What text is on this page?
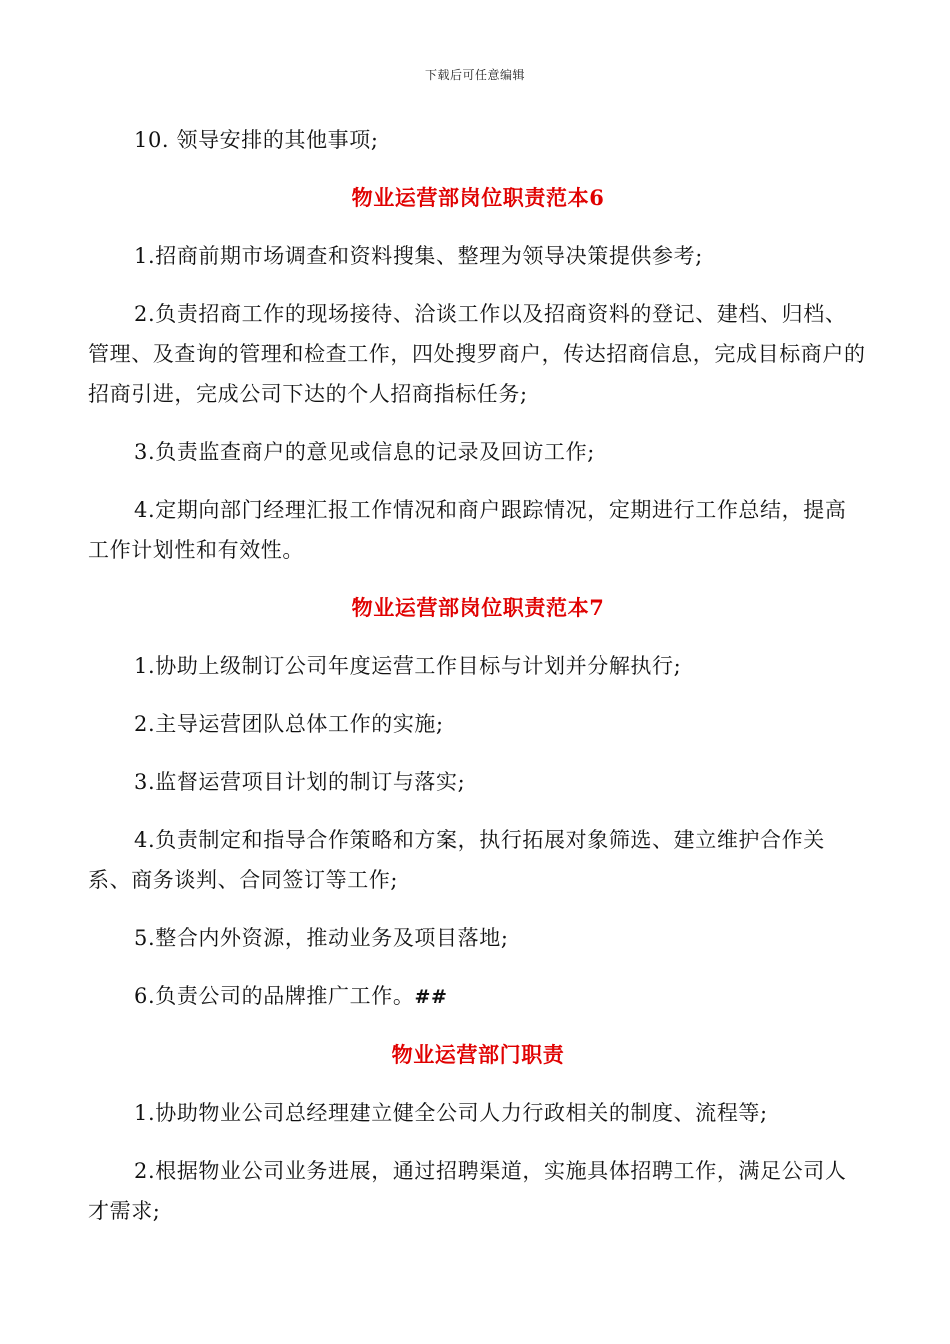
下载后可任意编辑

10. 领导安排的其他事项;

物业运营部岗位职责范本6

1.招商前期市场调查和资料搜集、整理为领导决策提供参考;

2.负责招商工作的现场接待、洽谈工作以及招商资料的登记、建档、归档、管理、及查询的管理和检查工作，四处搜罗商户，传达招商信息，完成目标商户的招商引进，完成公司下达的个人招商指标任务;

3.负责监查商户的意见或信息的记录及回访工作;

4.定期向部门经理汇报工作情况和商户跟踪情况，定期进行工作总结，提高工作计划性和有效性。

物业运营部岗位职责范本7

1.协助上级制订公司年度运营工作目标与计划并分解执行;

2.主导运营团队总体工作的实施;

3.监督运营项目计划的制订与落实;

4.负责制定和指导合作策略和方案，执行拓展对象筛选、建立维护合作关系、商务谈判、合同签订等工作;

5.整合内外资源，推动业务及项目落地;

6.负责公司的品牌推广工作。##

物业运营部门职责

1.协助物业公司总经理建立健全公司人力行政相关的制度、流程等;

2.根据物业公司业务进展，通过招聘渠道，实施具体招聘工作，满足公司人才需求;
